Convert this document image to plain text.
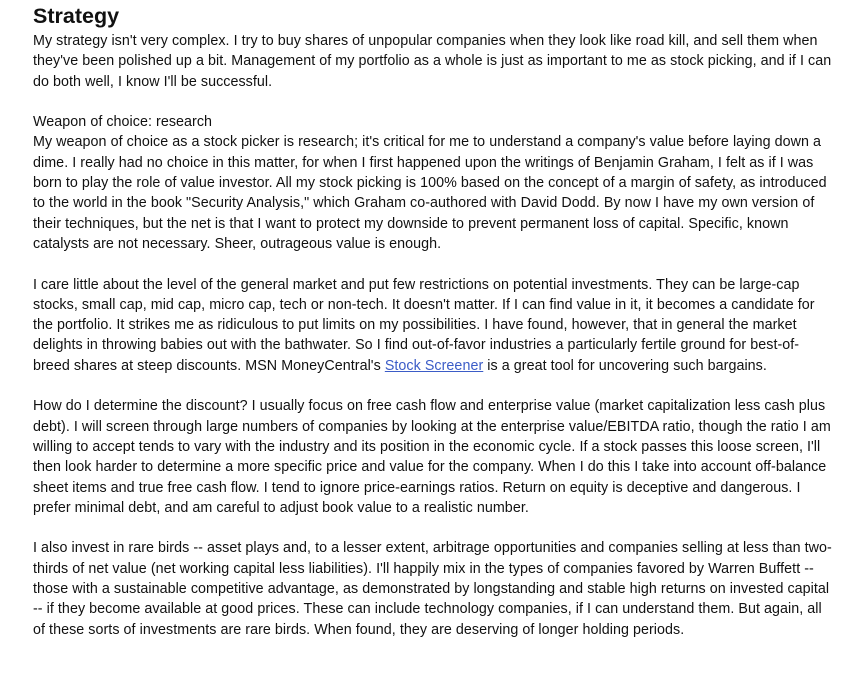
Strategy

My strategy isn't very complex. I try to buy shares of unpopular companies when they look like road kill, and sell them when they've been polished up a bit. Management of my portfolio as a whole is just as important to me as stock picking, and if I can do both well, I know I'll be successful.

Weapon of choice: research

My weapon of choice as a stock picker is research; it's critical for me to understand a company's value before laying down a dime. I really had no choice in this matter, for when I first happened upon the writings of Benjamin Graham, I felt as if I was born to play the role of value investor. All my stock picking is 100% based on the concept of a margin of safety, as introduced to the world in the book "Security Analysis," which Graham co-authored with David Dodd. By now I have my own version of their techniques, but the net is that I want to protect my downside to prevent permanent loss of capital. Specific, known catalysts are not necessary. Sheer, outrageous value is enough.

I care little about the level of the general market and put few restrictions on potential investments. They can be large-cap stocks, small cap, mid cap, micro cap, tech or non-tech. It doesn't matter. If I can find value in it, it becomes a candidate for the portfolio. It strikes me as ridiculous to put limits on my possibilities. I have found, however, that in general the market delights in throwing babies out with the bathwater. So I find out-of-favor industries a particularly fertile ground for best-of-breed shares at steep discounts. MSN MoneyCentral's Stock Screener is a great tool for uncovering such bargains.

How do I determine the discount? I usually focus on free cash flow and enterprise value (market capitalization less cash plus debt). I will screen through large numbers of companies by looking at the enterprise value/EBITDA ratio, though the ratio I am willing to accept tends to vary with the industry and its position in the economic cycle. If a stock passes this loose screen, I'll then look harder to determine a more specific price and value for the company. When I do this I take into account off-balance sheet items and true free cash flow. I tend to ignore price-earnings ratios. Return on equity is deceptive and dangerous. I prefer minimal debt, and am careful to adjust book value to a realistic number.

I also invest in rare birds -- asset plays and, to a lesser extent, arbitrage opportunities and companies selling at less than two-thirds of net value (net working capital less liabilities). I'll happily mix in the types of companies favored by Warren Buffett -- those with a sustainable competitive advantage, as demonstrated by longstanding and stable high returns on invested capital -- if they become available at good prices. These can include technology companies, if I can understand them. But again, all of these sorts of investments are rare birds. When found, they are deserving of longer holding periods.
